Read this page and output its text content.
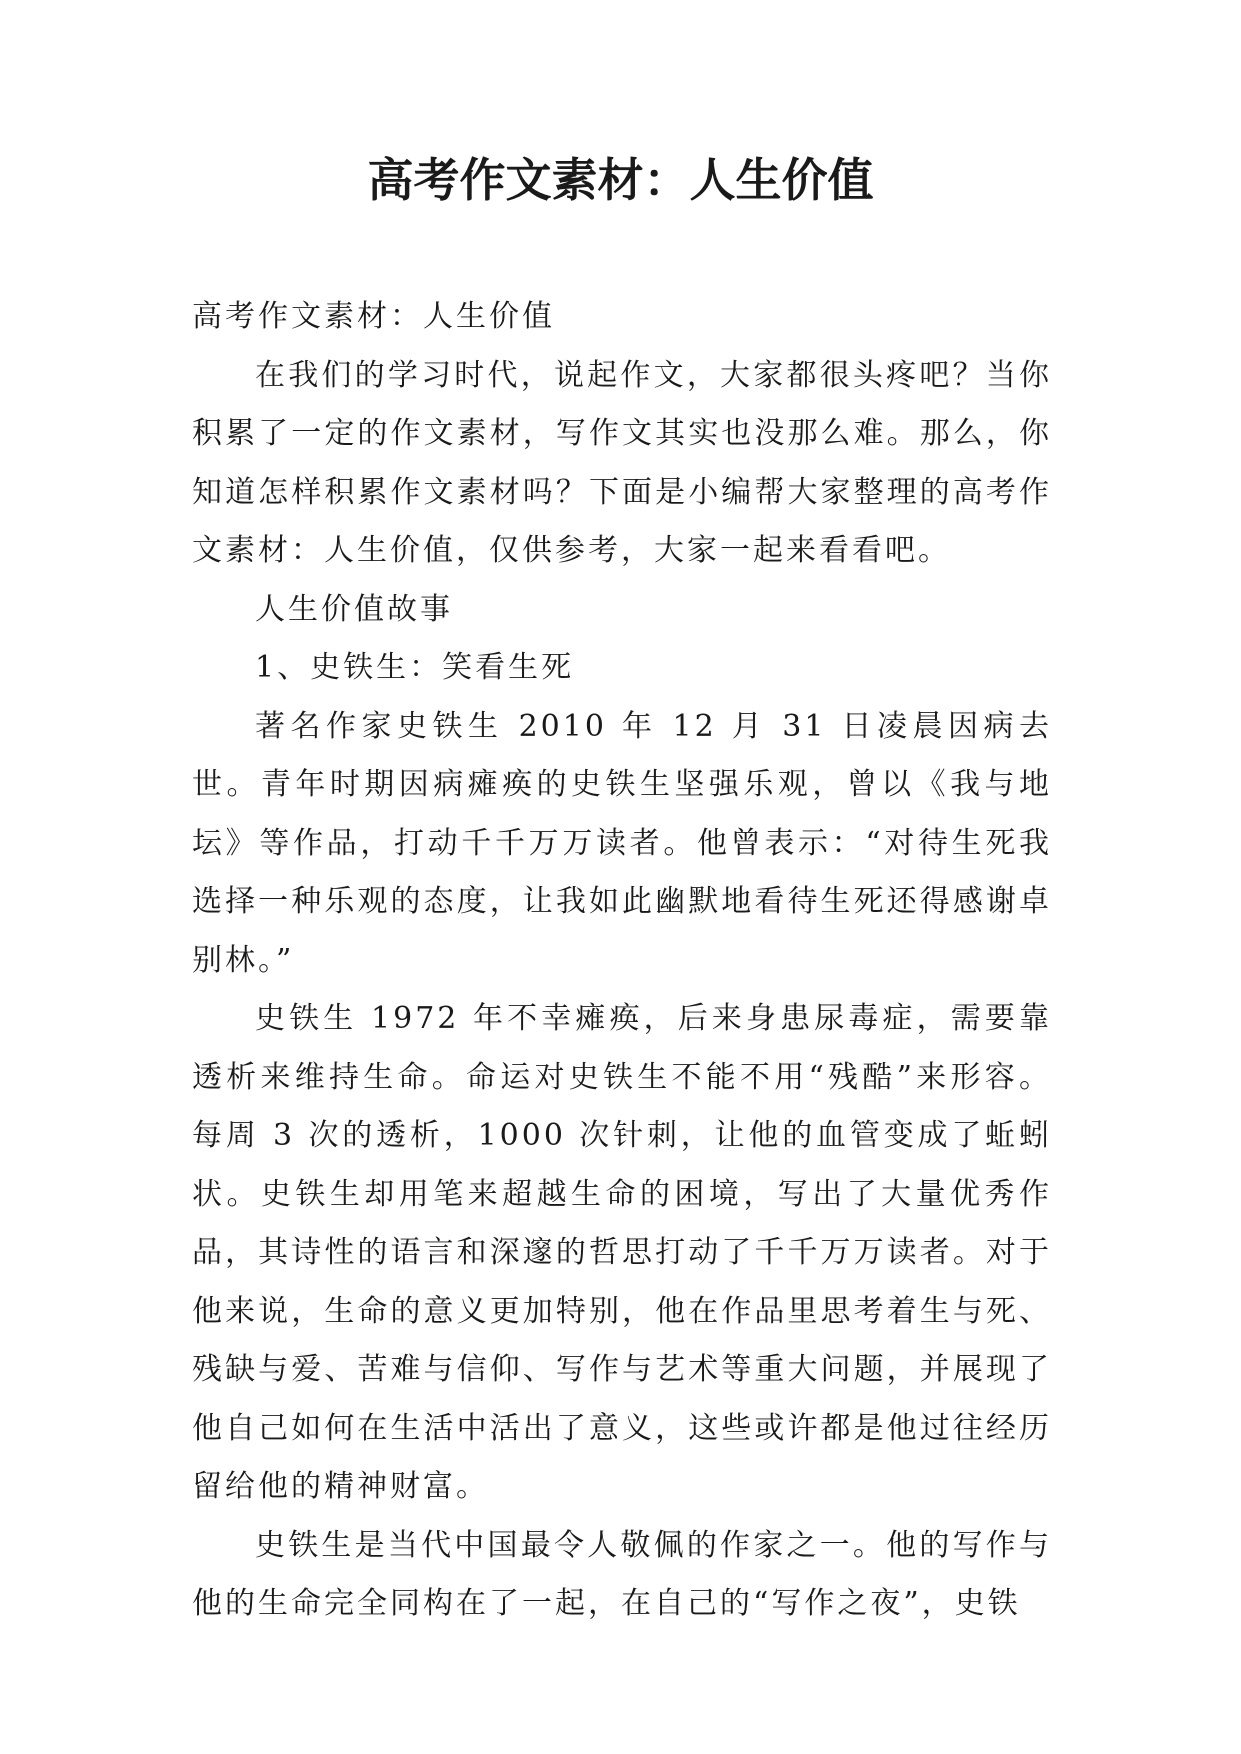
高考作文素材：人生价值

高考作文素材：人生价值

在我们的学习时代，说起作文，大家都很头疼吧？当你积累了一定的作文素材，写作文其实也没那么难。那么，你知道怎样积累作文素材吗？下面是小编帮大家整理的高考作文素材：人生价值，仅供参考，大家一起来看看吧。

人生价值故事

1、史铁生：笑看生死

著名作家史铁生 2010 年 12 月 31 日凌晨因病去世。青年时期因病瘫痪的史铁生坚强乐观，曾以《我与地坛》等作品，打动千千万万读者。他曾表示：“对待生死我选择一种乐观的态度，让我如此幽默地看待生死还得感谢卓别林。”

史铁生 1972 年不幸瘫痪，后来身患尿毒症，需要靠透析来维持生命。命运对史铁生不能不用“残酷”来形容。每周 3 次的透析，1000 次针刺，让他的血管变成了蚯蚓状。史铁生却用笔来超越生命的困境，写出了大量优秀作品，其诗性的语言和深邃的哲思打动了千千万万读者。对于他来说，生命的意义更加特别，他在作品里思考着生与死、残缺与爱、苦难与信仰、写作与艺术等重大问题，并展现了他自己如何在生活中活出了意义，这些或许都是他过往经历留给他的精神财富。

史铁生是当代中国最令人敬佩的作家之一。他的写作与他的生命完全同构在了一起，在自己的“写作之夜”，史铁
